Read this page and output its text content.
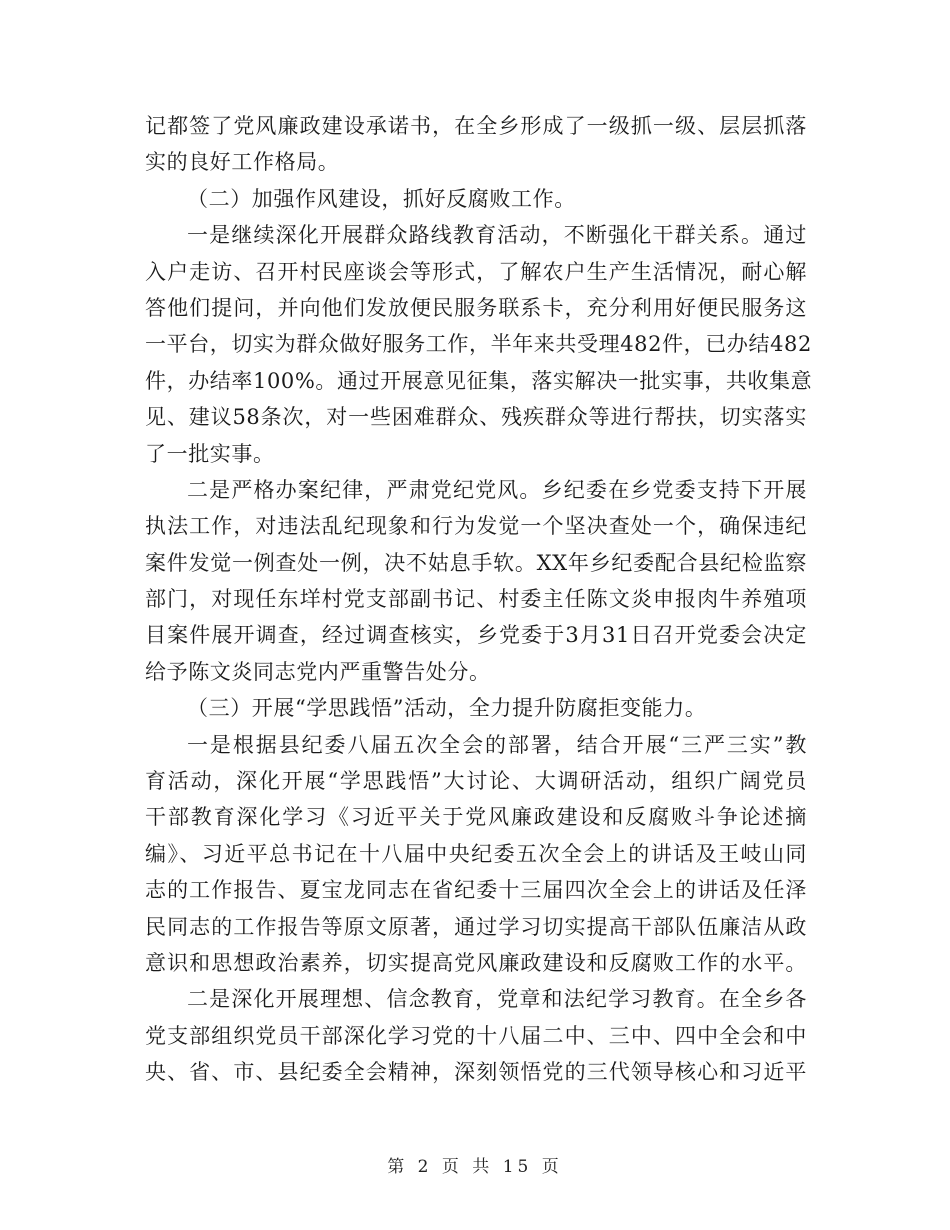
记都签了党风廉政建设承诺书，在全乡形成了一级抓一级、层层抓落
实的良好工作格局。
（二）加强作风建设，抓好反腐败工作。
一是继续深化开展群众路线教育活动，不断强化干群关系。通过
入户走访、召开村民座谈会等形式，了解农户生产生活情况，耐心解
答他们提问，并向他们发放便民服务联系卡，充分利用好便民服务这
一平台，切实为群众做好服务工作，半年来共受理482件，已办结482
件，办结率100%。通过开展意见征集，落实解决一批实事，共收集意
见、建议58条次，对一些困难群众、残疾群众等进行帮扶，切实落实
了一批实事。
二是严格办案纪律，严肃党纪党风。乡纪委在乡党委支持下开展
执法工作，对违法乱纪现象和行为发觉一个坚决查处一个，确保违纪
案件发觉一例查处一例，决不姑息手软。XX年乡纪委配合县纪检监察
部门，对现任东垟村党支部副书记、村委主任陈文炎申报肉牛养殖项
目案件展开调查，经过调查核实，乡党委于3月31日召开党委会决定
给予陈文炎同志党内严重警告处分。
（三）开展“学思践悟”活动，全力提升防腐拒变能力。
一是根据县纪委八届五次全会的部署，结合开展“三严三实”教
育活动，深化开展“学思践悟”大讨论、大调研活动，组织广阔党员
干部教育深化学习《习近平关于党风廉政建设和反腐败斗争论述摘
编》、习近平总书记在十八届中央纪委五次全会上的讲话及王岐山同
志的工作报告、夏宝龙同志在省纪委十三届四次全会上的讲话及任泽
民同志的工作报告等原文原著，通过学习切实提高干部队伍廉洁从政
意识和思想政治素养，切实提高党风廉政建设和反腐败工作的水平。
二是深化开展理想、信念教育，党章和法纪学习教育。在全乡各
党支部组织党员干部深化学习党的十八届二中、三中、四中全会和中
央、省、市、县纪委全会精神，深刻领悟党的三代领导核心和习近平
第 2 页 共 15 页
